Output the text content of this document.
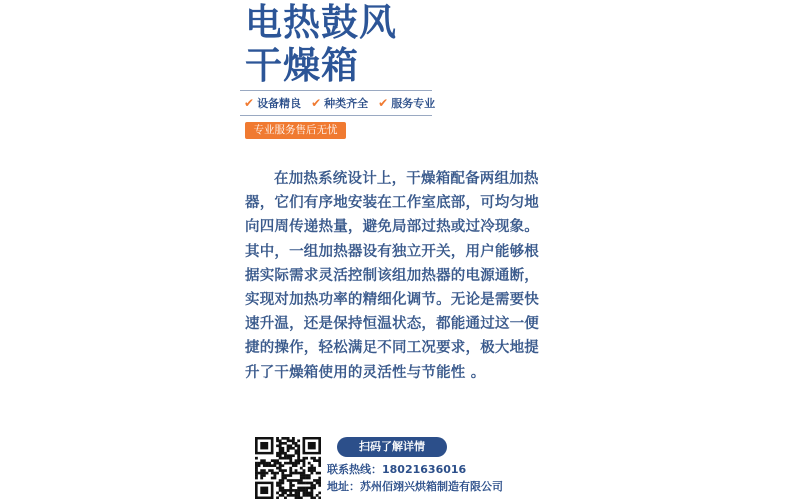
电热鼓风
干燥箱
✔ 设备精良 ✔ 种类齐全 ✔ 服务专业
专业服务售后无忧

在加热系统设计上，干燥箱配备两组加热器，它们有序地安装在工作室底部，可均匀地向四周传递热量，避免局部过热或过冷现象。其中，一组加热器设有独立开关，用户能够根据实际需求灵活控制该组加热器的电源通断，实现对加热功率的精细化调节。无论是需要快速升温，还是保持恒温状态，都能通过这一便捷的操作，轻松满足不同工况要求，极大地提升了干燥箱使用的灵活性与节能性 。

扫码了解详情
联系热线：18021636016
地址：苏州佰翊兴烘箱制造有限公司
